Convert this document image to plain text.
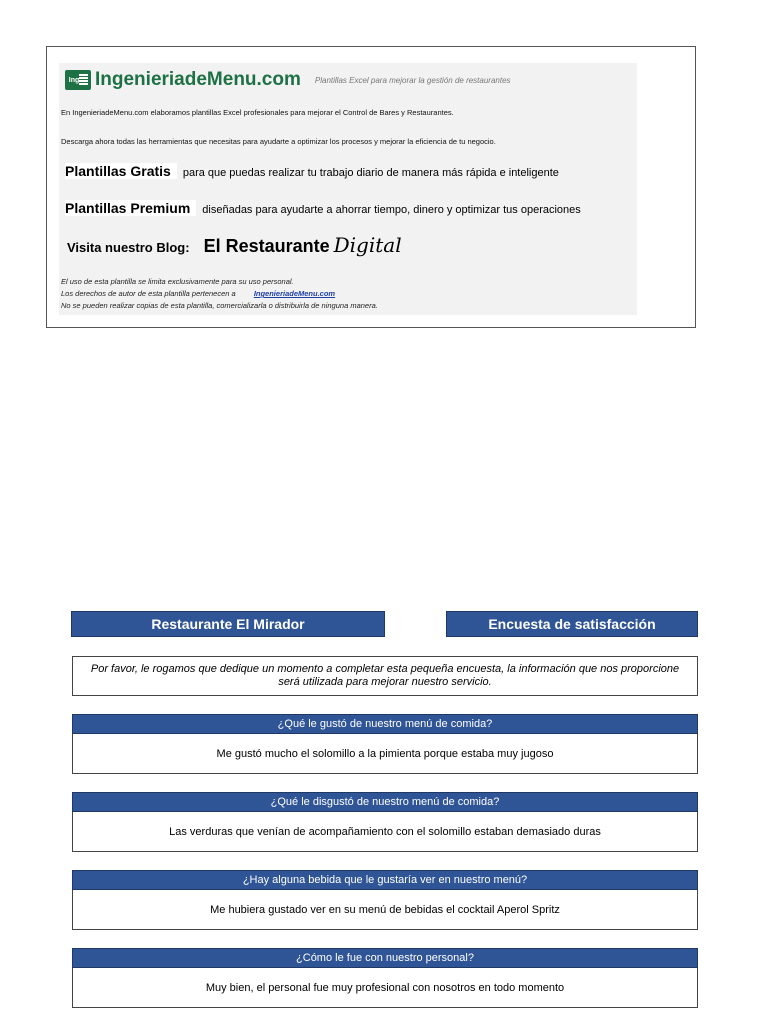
Ing IngenieriadeMenu.com Plantillas Excel para mejorar la gestión de restaurantes
En IngenieriadeMenu.com elaboramos plantillas Excel profesionales para mejorar el Control de Bares y Restaurantes.
Descarga ahora todas las herramientas que necesitas para ayudarte a optimizar los procesos y mejorar la eficiencia de tu negocio.
Plantillas Gratis	para que puedas realizar tu trabajo diario de manera más rápida e inteligente
Plantillas Premium	diseñadas para ayudarte a ahorrar tiempo, dinero y optimizar tus operaciones
Visita nuestro Blog: El Restaurante Digital
El uso de esta plantilla se limita exclusivamente para su uso personal.
Los derechos de autor de esta plantilla pertenecen a IngenieriadeMenu.com
No se pueden realizar copias de esta plantilla, comercializarla o distribuirla de ninguna manera.
Restaurante El Mirador	Encuesta de satisfacción
Por favor, le rogamos que dedique un momento a completar esta pequeña encuesta, la información que nos proporcione será utilizada para mejorar nuestro servicio.
¿Qué le gustó de nuestro menú de comida?
Me gustó mucho el solomillo a la pimienta porque estaba muy jugoso
¿Qué le disgustó de nuestro menú de comida?
Las verduras que venían de acompañamiento con el solomillo estaban demasiado duras
¿Hay alguna bebida que le gustaría ver en nuestro menú?
Me hubiera gustado ver en su menú de bebidas el cocktail Aperol Spritz
¿Cómo le fue con nuestro personal?
Muy bien, el personal fue muy profesional con nosotros en todo momento
